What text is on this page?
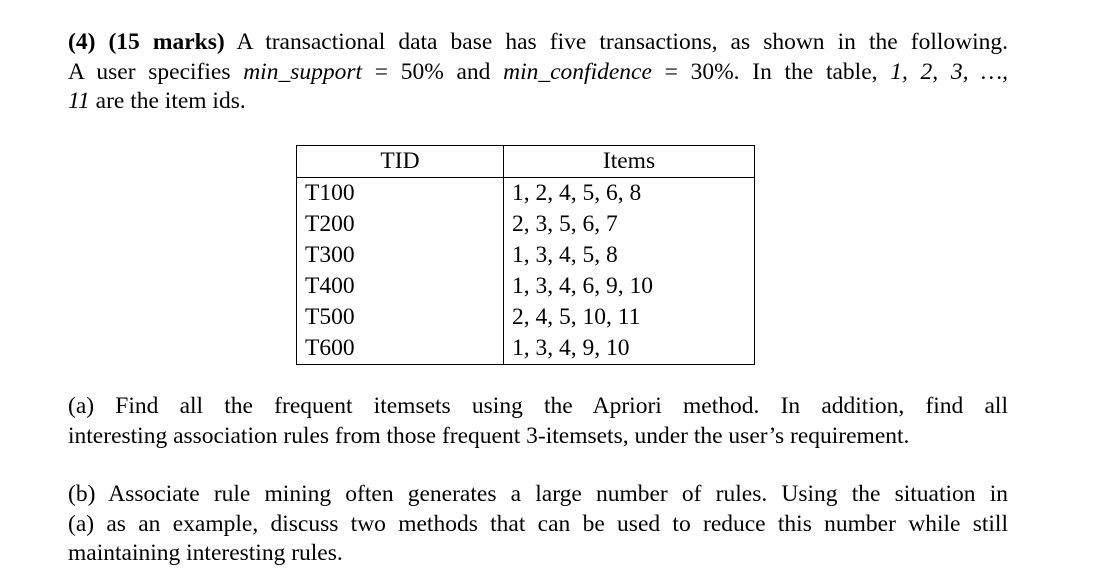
(4) (15 marks) A transactional data base has five transactions, as shown in the following.
A user specifies min_support = 50% and min_confidence = 30%. In the table, 1, 2, 3, …,
11 are the item ids.
TID	Items
T100	1, 2, 4, 5, 6, 8
T200	2, 3, 5, 6, 7
T300	1, 3, 4, 5, 8
T400	1, 3, 4, 6, 9, 10
T500	2, 4, 5, 10, 11
T600	1, 3, 4, 9, 10
(a) Find all the frequent itemsets using the Apriori method. In addition, find all
interesting association rules from those frequent 3-itemsets, under the user’s requirement.
(b) Associate rule mining often generates a large number of rules. Using the situation in
(a) as an example, discuss two methods that can be used to reduce this number while still
maintaining interesting rules.
